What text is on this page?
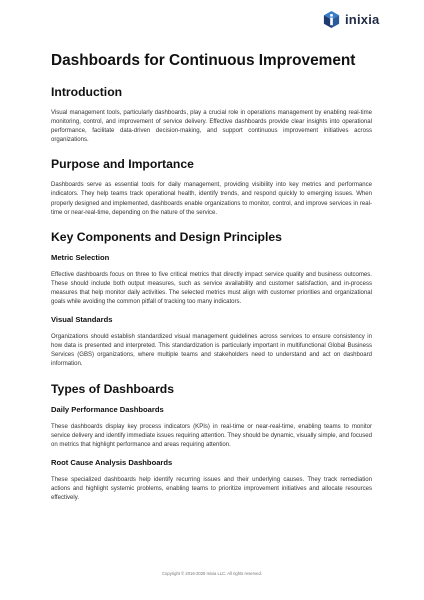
inixia
Dashboards for Continuous Improvement
Introduction

Visual management tools, particularly dashboards, play a crucial role in operations management by enabling real-time monitoring, control, and improvement of service delivery. Effective dashboards provide clear insights into operational performance, facilitate data-driven decision-making, and support continuous improvement initiatives across organizations.

Purpose and Importance

Dashboards serve as essential tools for daily management, providing visibility into key metrics and performance indicators. They help teams track operational health, identify trends, and respond quickly to emerging issues. When properly designed and implemented, dashboards enable organizations to monitor, control, and improve services in real-time or near-real-time, depending on the nature of the service.

Key Components and Design Principles
Metric Selection

Effective dashboards focus on three to five critical metrics that directly impact service quality and business outcomes. These should include both output measures, such as service availability and customer satisfaction, and in-process measures that help monitor daily activities. The selected metrics must align with customer priorities and organizational goals while avoiding the common pitfall of tracking too many indicators.

Visual Standards

Organizations should establish standardized visual management guidelines across services to ensure consistency in how data is presented and interpreted. This standardization is particularly important in multifunctional Global Business Services (GBS) organizations, where multiple teams and stakeholders need to understand and act on dashboard information.

Types of Dashboards
Daily Performance Dashboards

These dashboards display key process indicators (KPIs) in real-time or near-real-time, enabling teams to monitor service delivery and identify immediate issues requiring attention. They should be dynamic, visually simple, and focused on metrics that highlight performance and areas requiring attention.

Root Cause Analysis Dashboards

These specialized dashboards help identify recurring issues and their underlying causes. They track remediation actions and highlight systemic problems, enabling teams to prioritize improvement initiatives and allocate resources effectively.

Copyright © 2016-2025 Inixia LLC. All rights reserved.
